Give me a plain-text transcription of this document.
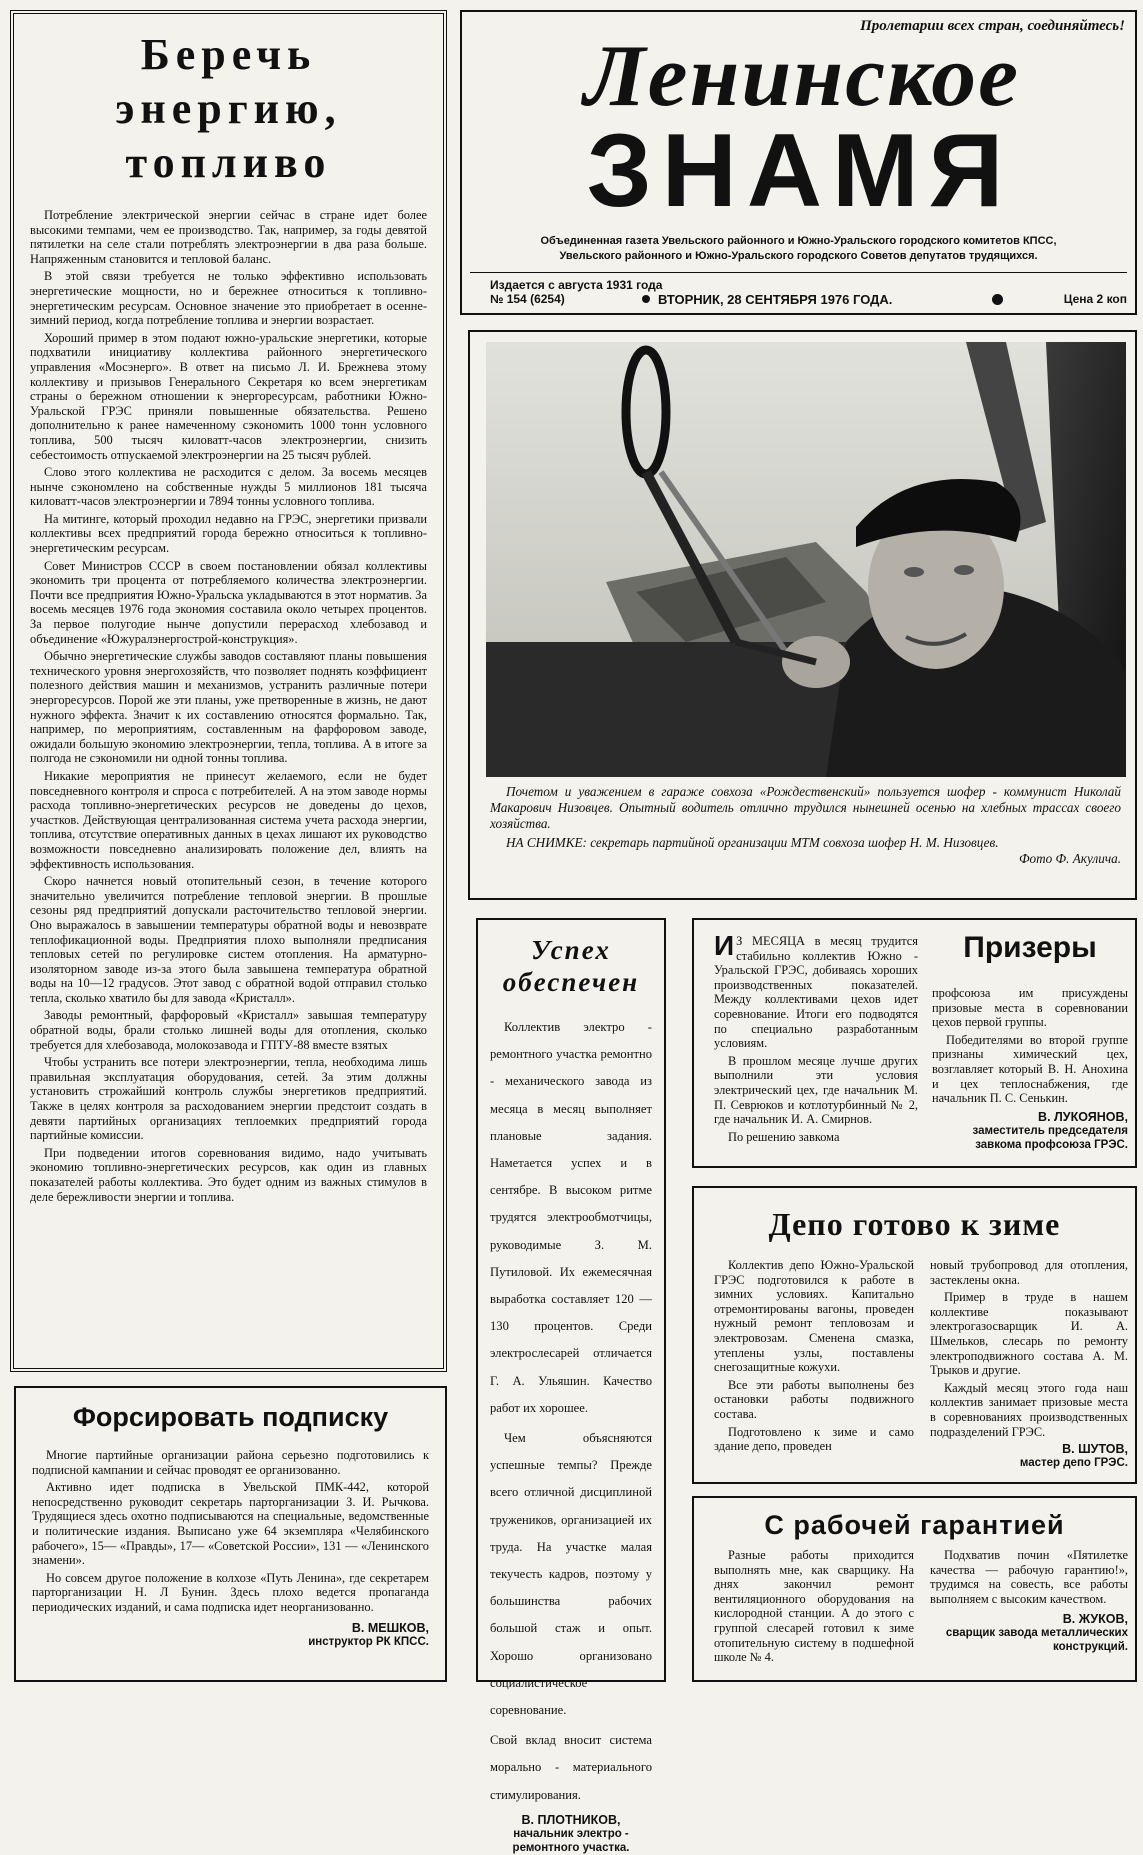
Беречь
энергию,
топливо

Потребление электрической энергии сейчас в стране идет более высокими темпами, чем ее производство. Так, например, за годы девятой пятилетки на селе стали потреблять электроэнергии в два раза больше. Напряженным становится и тепловой баланс.

В этой связи требуется не только эффективно использовать энергетические мощности, но и бережнее относиться к топливно-энергетическим ресурсам. Основное значение это приобретает в осенне-зимний период, когда потребление топлива и энергии возрастает.

Хороший пример в этом подают южно-уральские энергетики, которые подхватили инициативу коллектива районного энергетического управления «Мосэнерго». В ответ на письмо Л. И. Брежнева этому коллективу и призывов Генерального Секретаря ко всем энергетикам страны о бережном отношении к энергоресурсам, работники Южно-Уральской ГРЭС приняли повышенные обязательства. Решено дополнительно к ранее намеченному сэкономить 1000 тонн условного топлива, 500 тысяч киловатт-часов электроэнергии, снизить себестоимость отпускаемой электроэнергии на 25 тысяч рублей.

Слово этого коллектива не расходится с делом. За восемь месяцев нынче сэкономлено на собственные нужды 5 миллионов 181 тысяча киловатт-часов электроэнергии и 7894 тонны условного топлива.

На митинге, который проходил недавно на ГРЭС, энергетики призвали коллективы всех предприятий города бережно относиться к топливно-энергетическим ресурсам.

Совет Министров СССР в своем постановлении обязал коллективы экономить три процента от потребляемого количества электроэнергии. Почти все предприятия Южно-Уральска укладываются в этот норматив. За восемь месяцев 1976 года экономия составила около четырех процентов. За первое полугодие нынче допустили перерасход хлебозавод и объединение «Южуралэнергострой-конструкция».

Обычно энергетические службы заводов составляют планы повышения технического уровня энергохозяйств, что позволяет поднять коэффициент полезного действия машин и механизмов, устранить различные потери энергоресурсов. Порой же эти планы, уже претворенные в жизнь, не дают нужного эффекта. Значит к их составлению относятся формально. Так, например, по мероприятиям, составленным на фарфоровом заводе, ожидали большую экономию электроэнергии, тепла, топлива. А в итоге за полгода не сэкономили ни одной тонны топлива.

Никакие мероприятия не принесут желаемого, если не будет повседневного контроля и спроса с потребителей. А на этом заводе нормы расхода топливно-энергетических ресурсов не доведены до цехов, участков. Действующая централизованная система учета расхода энергии, топлива, отсутствие оперативных данных в цехах лишают их руководство возможности повседневно анализировать положение дел, влиять на эффективность использования.

Скоро начнется новый отопительный сезон, в течение которого значительно увеличится потребление тепловой энергии. В прошлые сезоны ряд предприятий допускали расточительство тепловой энергии. Оно выражалось в завышении температуры обратной воды и невозврате теплофикационной воды. Предприятия плохо выполняли предписания тепловых сетей по регулировке систем отопления. На арматурно-изоляторном заводе из-за этого была завышена температура обратной воды на 10—12 градусов. Этот завод с обратной водой отправил столько тепла, сколько хватило бы для завода «Кристалл».

Заводы ремонтный, фарфоровый «Кристалл» завышая температуру обратной воды, брали столько лишней воды для отопления, сколько требуется для хлебозавода, молокозавода и ГПТУ-88 вместе взятых

Чтобы устранить все потери электроэнергии, тепла, необходима лишь правильная эксплуатация оборудования, сетей. За этим должны установить строжайший контроль службы энергетиков предприятий. Также в целях контроля за расходованием энергии предстоит создать в девяти партийных организациях теплоемких предприятий города партийные комиссии.

При подведении итогов соревнования видимо, надо учитывать экономию топливно-энергетических ресурсов, как один из главных показателей работы коллектива. Это будет одним из важных стимулов в деле бережливости энергии и топлива.

Форсировать подписку

Многие партийные организации района серьезно подготовились к подписной кампании и сейчас проводят ее организованно.

Активно идет подписка в Увельской ПМК-442, которой непосредственно руководит секретарь парторганизации З. И. Рычкова. Трудящиеся здесь охотно подписываются на специальные, ведомственные и политические издания. Выписано уже 64 экземпляра «Челябинского рабочего», 15— «Правды», 17— «Советской России», 131 — «Ленинского знамени».

Но совсем другое положение в колхозе «Путь Ленина», где секретарем парторганизации Н. Л Бунин. Здесь плохо ведется пропаганда периодических изданий, и сама подписка идет неорганизованно.

В. МЕШКОВ,
инструктор РК КПСС.
Пролетарии всех стран, соединяйтесь!
Ленинское
ЗНАМЯ
Объединенная газета Увельского районного и Южно-Уральского городского комитетов КПСС,
Увельского районного и Южно-Уральского городского Советов депутатов трудящихся.
Издается с августа 1931 года
№ 154 (6254)	ВТОРНИК, 28 СЕНТЯБРЯ 1976 ГОДА.	Цена 2 коп

Почетом и уважением в гараже совхоза «Рождественский» пользуется шофер - коммунист Николай Макарович Низовцев. Опытный водитель отлично трудился нынешней осенью на хлебных трассах своего хозяйства.

НА СНИМКЕ: секретарь партийной организации МТМ совхоза шофер Н. М. Низовцев.

Фото Ф. Акулича.
Успех
обеспечен

Коллектив электро - ремонтного участка ремонтно - механического завода из месяца в месяц выполняет плановые задания. Наметается успех и в сентябре. В высоком ритме трудятся электрообмотчицы, руководимые З. М. Путиловой. Их ежемесячная выработка составляет 120 — 130 процентов. Среди электрослесарей отличается Г. А. Ульяшин. Качество работ их хорошее.

Чем объясняются успешные темпы? Прежде всего отличной дисциплиной тружеников, организацией их труда. На участке малая текучесть кадров, поэтому у большинства рабочих большой стаж и опыт. Хорошо организовано социалистическое соревнование.

Свой вклад вносит система морально - материального стимулирования.

В. ПЛОТНИКОВ,
начальник электро - ремонтного участка.
И З МЕСЯЦА в месяц трудится стабильно коллектив Южно - Уральской ГРЭС, добиваясь хороших производственных показателей. Между коллективами цехов идет соревнование. Итоги его подводятся по специально разработанным условиям.

В прошлом месяце лучше других выполнили эти условия электрический цех, где начальник М. П. Севрюков и котлотурбинный № 2, где начальник И. А. Смирнов.

По решению завкома

Призеры

профсоюза им присуждены призовые места в соревновании цехов первой группы.

Победителями во второй группе признаны химический цех, возглавляет который В. Н. Анохина и цех теплоснабжения, где начальник П. С. Сенькин.

В. ЛУКОЯНОВ,
заместитель председателя завкома профсоюза ГРЭС.
Депо готово к зиме

Коллектив депо Южно-Уральской ГРЭС подготовился к работе в зимних условиях. Капитально отремонтированы вагоны, проведен нужный ремонт тепловозам и электровозам. Сменена смазка, утеплены узлы, поставлены снегозащитные кожухи.

Все эти работы выполнены без остановки работы подвижного состава.

Подготовлено к зиме и само здание депо, проведен

новый трубопровод для отопления, застеклены окна.

Пример в труде в нашем коллективе показывают электрогазосварщик И. А. Шмельков, слесарь по ремонту электроподвижного состава А. М. Трыков и другие.

Каждый месяц этого года наш коллектив занимает призовые места в соревнованиях производственных подразделений ГРЭС.

В. ШУТОВ,
мастер депо ГРЭС.
С рабочей гарантией

Разные работы приходится выполнять мне, как сварщику. На днях закончил ремонт вентиляционного оборудования на кислородной станции. А до этого с группой слесарей готовил к зиме отопительную систему в подшефной школе № 4.

Подхватив почин «Пятилетке качества — рабочую гарантию!», трудимся на совесть, все работы выполняем с высоким качеством.

В. ЖУКОВ,
сварщик завода металлических конструкций.
